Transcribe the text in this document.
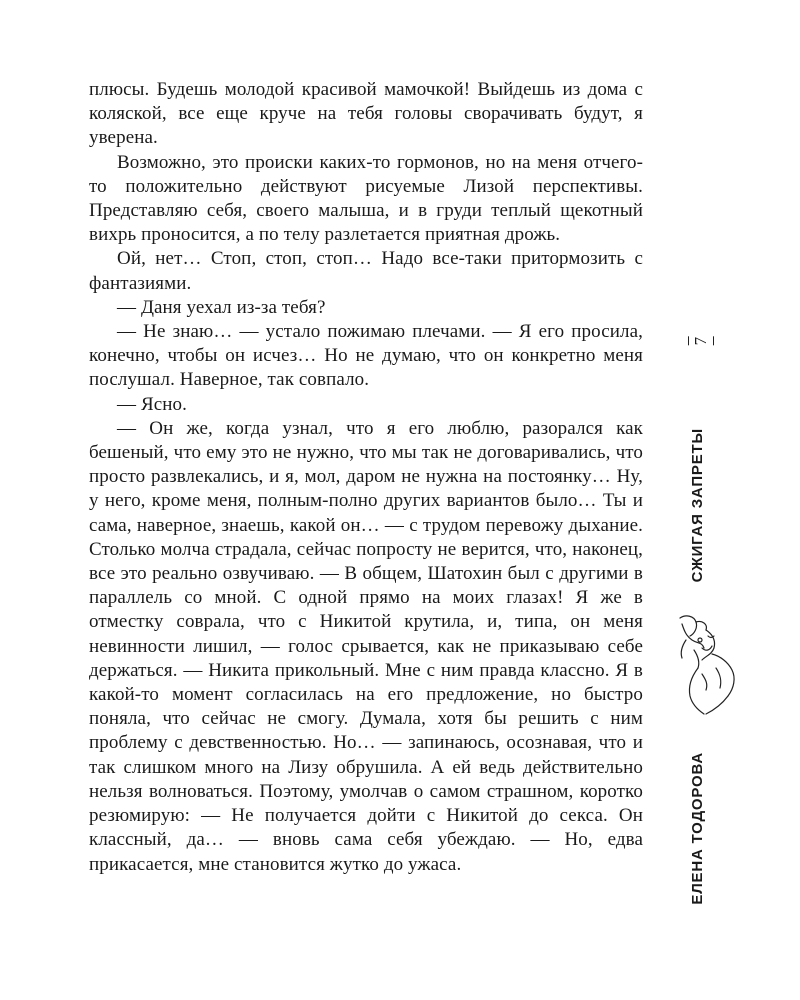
плюсы. Будешь молодой красивой мамочкой! Выйдешь из дома с коляской, все еще круче на тебя головы сворачивать будут, я уверена.

Возможно, это происки каких-то гормонов, но на меня отчего-то положительно действуют рисуемые Лизой перспективы. Представляю себя, своего малыша, и в груди теплый щекотный вихрь проносится, а по телу разлетается приятная дрожь.

Ой, нет… Стоп, стоп, стоп… Надо все-таки притормозить с фантазиями.

— Даня уехал из-за тебя?

— Не знаю… — устало пожимаю плечами. — Я его просила, конечно, чтобы он исчез… Но не думаю, что он конкретно меня послушал. Наверное, так совпало.

— Ясно.

— Он же, когда узнал, что я его люблю, разорался как бешеный, что ему это не нужно, что мы так не договаривались, что просто развлекались, и я, мол, даром не нужна на постоянку… Ну, у него, кроме меня, полным-полно других вариантов было… Ты и сама, наверное, знаешь, какой он… — с трудом перевожу дыхание. Столько молча страдала, сейчас попросту не верится, что, наконец, все это реально озвучиваю. — В общем, Шатохин был с другими в параллель со мной. С одной прямо на моих глазах! Я же в отместку соврала, что с Никитой крутила, и, типа, он меня невинности лишил, — голос срывается, как не приказываю себе держаться. — Никита прикольный. Мне с ним правда классно. Я в какой-то момент согласилась на его предложение, но быстро поняла, что сейчас не смогу. Думала, хотя бы решить с ним проблему с девственностью. Но… — запинаюсь, осознавая, что и так слишком много на Лизу обрушила. А ей ведь действительно нельзя волноваться. Поэтому, умолчав о самом страшном, коротко резюмирую: — Не получается дойти с Никитой до секса. Он классный, да… — вновь сама себя убеждаю. — Но, едва прикасается, мне становится жутко до ужаса.

7
СЖИГАЯ ЗАПРЕТЫ
ЕЛЕНА ТОДОРОВА
